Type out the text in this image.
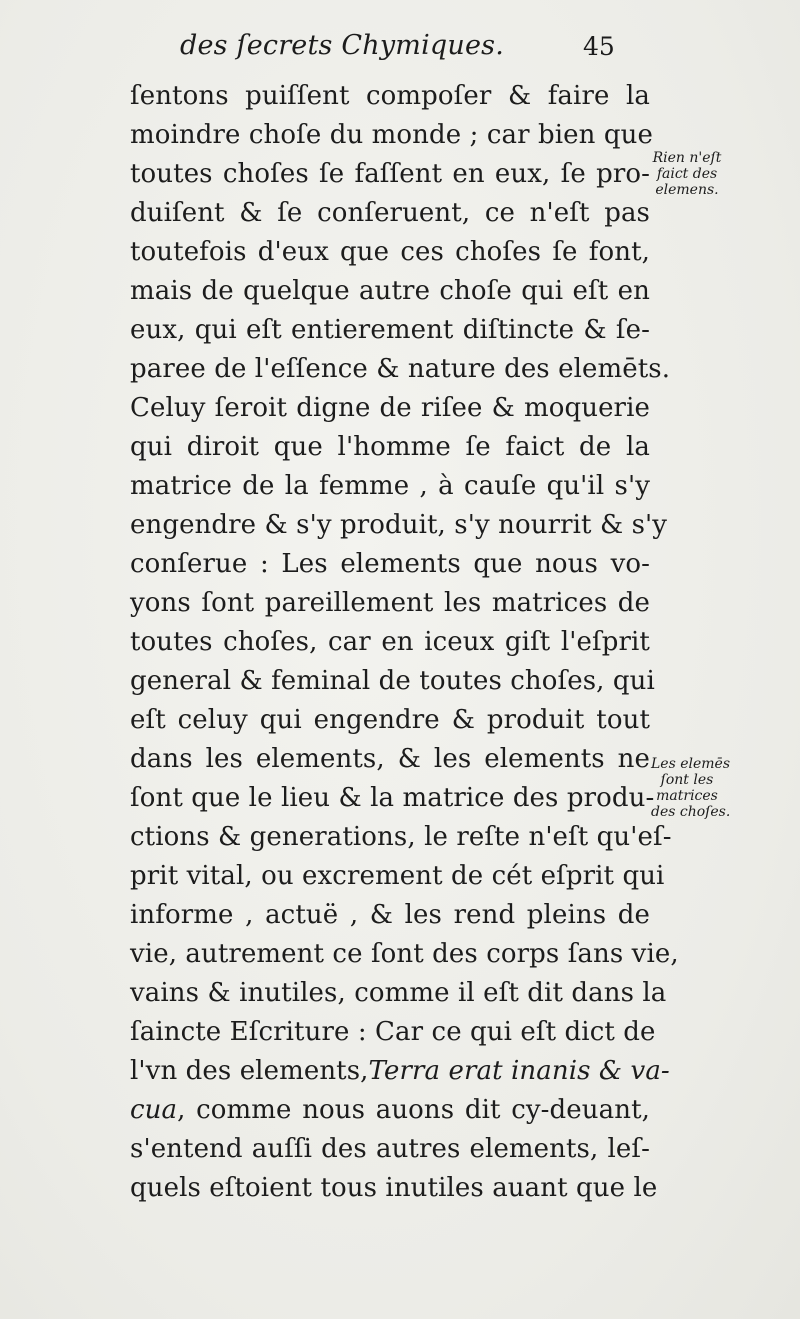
des ſecrets Chymiques.	45
ſentons puiſſent compoſer & faire la
moindre choſe du monde ; car bien que
toutes choſes ſe faſſent en eux, ſe pro-
duiſent & ſe conſeruent, ce n'eſt pas
toutefois d'eux que ces choſes ſe font,
mais de quelque autre choſe qui eſt en
eux, qui eſt entierement diſtincte & ſe-
paree de l'eſſence & nature des elemēts.
Celuy ſeroit digne de riſee & moquerie
qui diroit que l'homme ſe faict de la
matrice de la femme , à cauſe qu'il s'y
engendre & s'y produit, s'y nourrit & s'y
conſerue : Les elements que nous vo-
yons ſont pareillement les matrices de
toutes choſes, car en iceux giſt l'eſprit
general & feminal de toutes choſes, qui
eſt celuy qui engendre & produit tout
dans les elements, & les elements ne
ſont que le lieu & la matrice des produ-
ctions & generations, le reſte n'eſt qu'eſ-
prit vital, ou excrement de cét eſprit qui
informe , actuë , & les rend pleins de
vie, autrement ce ſont des corps ſans vie,
vains & inutiles, comme il eſt dit dans la
ſaincte Eſcriture : Car ce qui eſt dict de
l'vn des elements,Terra erat inanis & va-
cua, comme nous auons dit cy-deuant,
s'entend auſſi des autres elements, leſ-
quels eſtoient tous inutiles auant que le
Rien n'eſt
faict des
elemens.
Les elemēs
ſont les
matrices
des choſes.
